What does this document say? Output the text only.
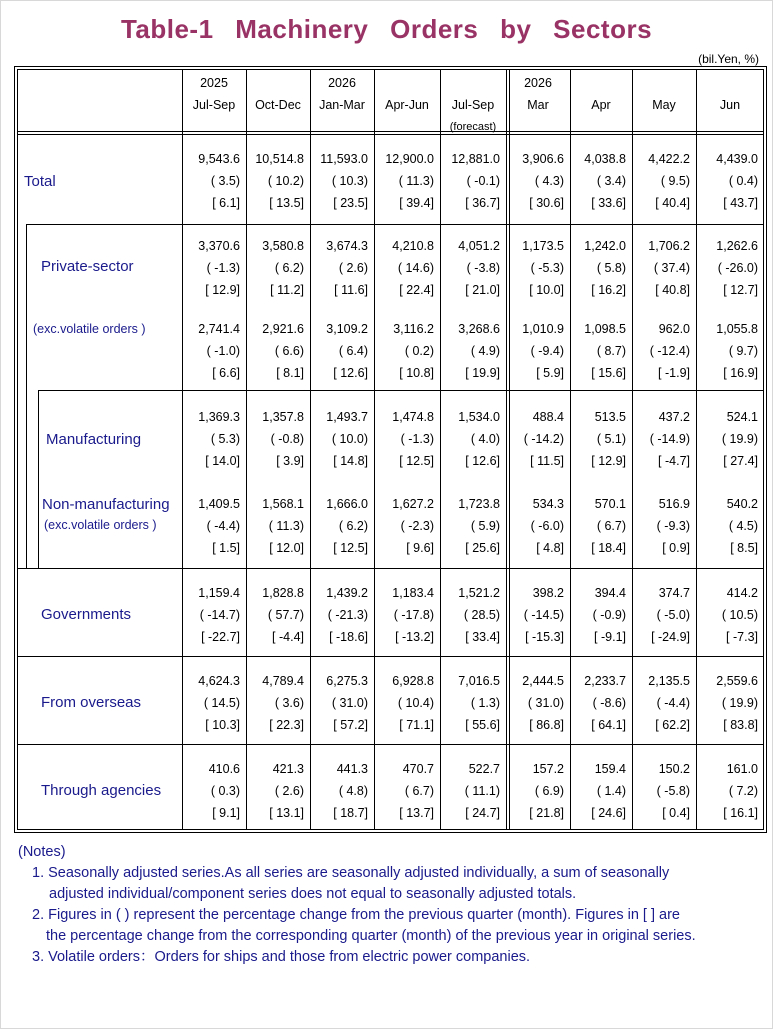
Table-1 Machinery Orders by Sectors
(bil.Yen, %)
2025
Jul-Sep	Oct-Dec
2026
Jan-Mar	Apr-Jun	Jul-Sep
(forecast)
2026
Mar	Apr	May	Jun
Total
9,543.6	10,514.8	11,593.0	12,900.0	12,881.0	3,906.6	4,038.8	4,422.2	4,439.0
( 3.5)	( 10.2)	( 10.3)	( 11.3)	( -0.1)	( 4.3)	( 3.4)	( 9.5)	( 0.4)
[ 6.1]	[ 13.5]	[ 23.5]	[ 39.4]	[ 36.7]	[ 30.6]	[ 33.6]	[ 40.4]	[ 43.7]
Private-sector
3,370.6	3,580.8	3,674.3	4,210.8	4,051.2	1,173.5	1,242.0	1,706.2	1,262.6
( -1.3)	( 6.2)	( 2.6)	( 14.6)	( -3.8)	( -5.3)	( 5.8)	( 37.4)	( -26.0)
[ 12.9]	[ 11.2]	[ 11.6]	[ 22.4]	[ 21.0]	[ 10.0]	[ 16.2]	[ 40.8]	[ 12.7]
(exc.volatile orders )	2,741.4	2,921.6	3,109.2	3,116.2	3,268.6	1,010.9	1,098.5	962.0	1,055.8
( -1.0)	( 6.6)	( 6.4)	( 0.2)	( 4.9)	( -9.4)	( 8.7)	( -12.4)	( 9.7)
[ 6.6]	[ 8.1]	[ 12.6]	[ 10.8]	[ 19.9]	[ 5.9]	[ 15.6]	[ -1.9]	[ 16.9]
Manufacturing
1,369.3	1,357.8	1,493.7	1,474.8	1,534.0	488.4	513.5	437.2	524.1
( 5.3)	( -0.8)	( 10.0)	( -1.3)	( 4.0)	( -14.2)	( 5.1)	( -14.9)	( 19.9)
[ 14.0]	[ 3.9]	[ 14.8]	[ 12.5]	[ 12.6]	[ 11.5]	[ 12.9]	[ -4.7]	[ 27.4]
Non-manufacturing
(exc.volatile orders )
1,409.5	1,568.1	1,666.0	1,627.2	1,723.8	534.3	570.1	516.9	540.2
( -4.4)	( 11.3)	( 6.2)	( -2.3)	( 5.9)	( -6.0)	( 6.7)	( -9.3)	( 4.5)
[ 1.5]	[ 12.0]	[ 12.5]	[ 9.6]	[ 25.6]	[ 4.8]	[ 18.4]	[ 0.9]	[ 8.5]
Governments
1,159.4	1,828.8	1,439.2	1,183.4	1,521.2	398.2	394.4	374.7	414.2
( -14.7)	( 57.7)	( -21.3)	( -17.8)	( 28.5)	( -14.5)	( -0.9)	( -5.0)	( 10.5)
[ -22.7]	[ -4.4]	[ -18.6]	[ -13.2]	[ 33.4]	[ -15.3]	[ -9.1]	[ -24.9]	[ -7.3]
From overseas
4,624.3	4,789.4	6,275.3	6,928.8	7,016.5	2,444.5	2,233.7	2,135.5	2,559.6
( 14.5)	( 3.6)	( 31.0)	( 10.4)	( 1.3)	( 31.0)	( -8.6)	( -4.4)	( 19.9)
[ 10.3]	[ 22.3]	[ 57.2]	[ 71.1]	[ 55.6]	[ 86.8]	[ 64.1]	[ 62.2]	[ 83.8]
Through agencies
410.6	421.3	441.3	470.7	522.7	157.2	159.4	150.2	161.0
( 0.3)	( 2.6)	( 4.8)	( 6.7)	( 11.1)	( 6.9)	( 1.4)	( -5.8)	( 7.2)
[ 9.1]	[ 13.1]	[ 18.7]	[ 13.7]	[ 24.7]	[ 21.8]	[ 24.6]	[ 0.4]	[ 16.1]
(Notes)
1. Seasonally adjusted series.As all series are seasonally adjusted individually, a sum of seasonally
adjusted individual/component series does not equal to seasonally adjusted totals.
2. Figures in ( ) represent the percentage change from the previous quarter (month). Figures in [ ] are
the percentage change from the corresponding quarter (month) of the previous year in original series.
3. Volatile orders：Orders for ships and those from electric power companies.
